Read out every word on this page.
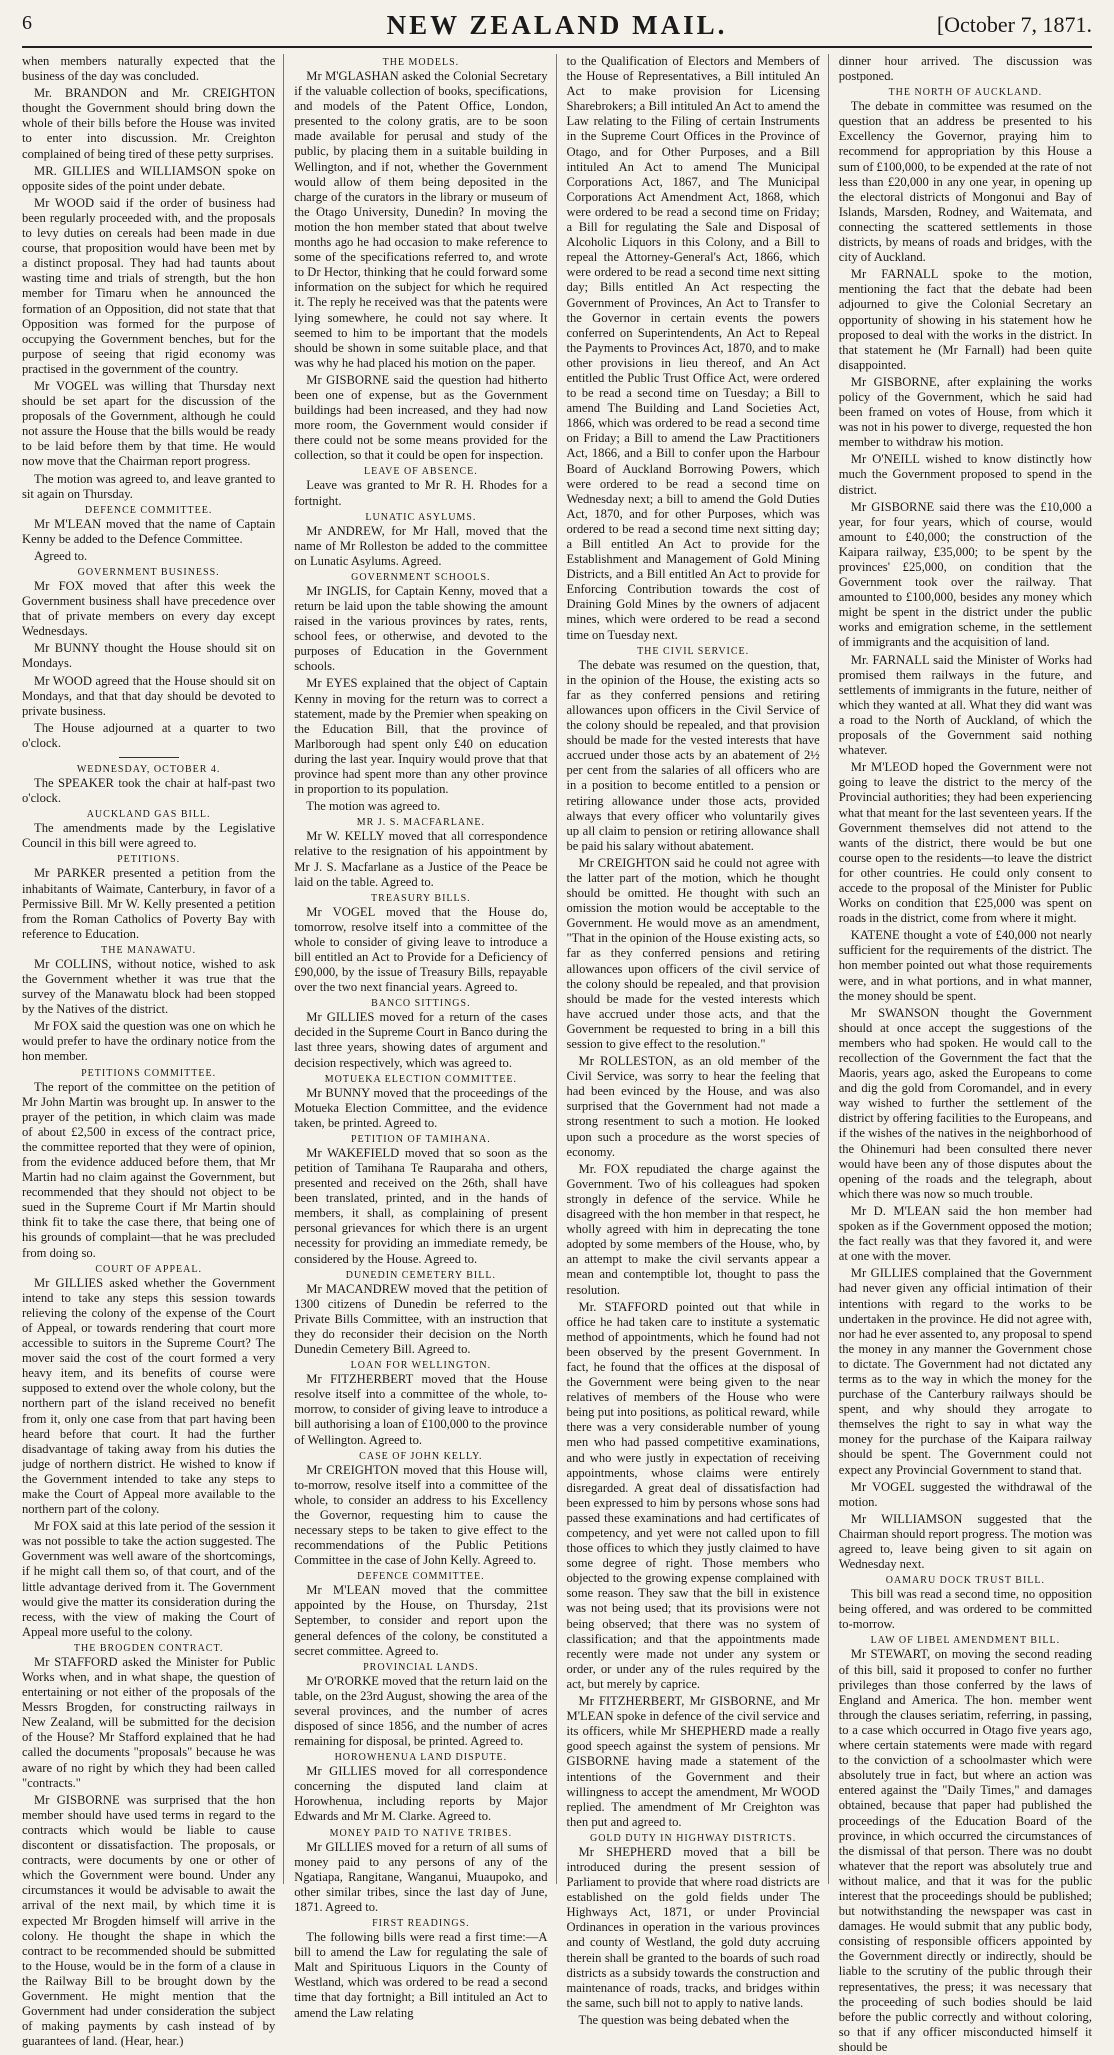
6	NEW ZEALAND MAIL.	[October 7, 1871.

when members naturally expected that the business of the day was concluded.

Mr. BRANDON and Mr. CREIGHTON thought the Government should bring down the whole of their bills before the House was invited to enter into discussion. Mr. Creighton complained of being tired of these petty surprises.

MR. GILLIES and WILLIAMSON spoke on opposite sides of the point under debate.

Mr WOOD said if the order of business had been regularly proceeded with, and the proposals to levy duties on cereals had been made in due course, that proposition would have been met by a distinct proposal. They had had taunts about wasting time and trials of strength, but the hon member for Timaru when he announced the formation of an Opposition, did not state that that Opposition was formed for the purpose of occupying the Government benches, but for the purpose of seeing that rigid economy was practised in the government of the country.

Mr VOGEL was willing that Thursday next should be set apart for the discussion of the proposals of the Government, although he could not assure the House that the bills would be ready to be laid before them by that time. He would now move that the Chairman report progress.

The motion was agreed to, and leave granted to sit again on Thursday.

DEFENCE COMMITTEE.

Mr M'LEAN moved that the name of Captain Kenny be added to the Defence Committee.

Agreed to.

GOVERNMENT BUSINESS.

Mr FOX moved that after this week the Government business shall have precedence over that of private members on every day except Wednesdays.

Mr BUNNY thought the House should sit on Mondays.

Mr WOOD agreed that the House should sit on Mondays, and that that day should be devoted to private business.

The House adjourned at a quarter to two o'clock.

WEDNESDAY, OCTOBER 4.

The SPEAKER took the chair at half-past two o'clock.

AUCKLAND GAS BILL.

The amendments made by the Legislative Council in this bill were agreed to.

PETITIONS.

Mr PARKER presented a petition from the inhabitants of Waimate, Canterbury, in favor of a Permissive Bill. Mr W. Kelly presented a petition from the Roman Catholics of Poverty Bay with reference to Education.

THE MANAWATU.

Mr COLLINS, without notice, wished to ask the Government whether it was true that the survey of the Manawatu block had been stopped by the Natives of the district.

Mr FOX said the question was one on which he would prefer to have the ordinary notice from the hon member.

PETITIONS COMMITTEE.

The report of the committee on the petition of Mr John Martin was brought up. In answer to the prayer of the petition, in which claim was made of about £2,500 in excess of the contract price, the committee reported that they were of opinion, from the evidence adduced before them, that Mr Martin had no claim against the Government, but recommended that they should not object to be sued in the Supreme Court if Mr Martin should think fit to take the case there, that being one of his grounds of complaint—that he was precluded from doing so.

COURT OF APPEAL.

Mr GILLIES asked whether the Government intend to take any steps this session towards relieving the colony of the expense of the Court of Appeal, or towards rendering that court more accessible to suitors in the Supreme Court? The mover said the cost of the court formed a very heavy item, and its benefits of course were supposed to extend over the whole colony, but the northern part of the island received no benefit from it, only one case from that part having been heard before that court. It had the further disadvantage of taking away from his duties the judge of northern district. He wished to know if the Government intended to take any steps to make the Court of Appeal more available to the northern part of the colony.

Mr FOX said at this late period of the session it was not possible to take the action suggested. The Government was well aware of the shortcomings, if he might call them so, of that court, and of the little advantage derived from it. The Government would give the matter its consideration during the recess, with the view of making the Court of Appeal more useful to the colony.

THE BROGDEN CONTRACT.

Mr STAFFORD asked the Minister for Public Works when, and in what shape, the question of entertaining or not either of the proposals of the Messrs Brogden, for constructing railways in New Zealand, will be submitted for the decision of the House? Mr Stafford explained that he had called the documents "proposals" because he was aware of no right by which they had been called "contracts."

Mr GISBORNE was surprised that the hon member should have used terms in regard to the contracts which would be liable to cause discontent or dissatisfaction. The proposals, or contracts, were documents by one or other of which the Government were bound. Under any circumstances it would be advisable to await the arrival of the next mail, by which time it is expected Mr Brogden himself will arrive in the colony. He thought the shape in which the contract to be recommended should be submitted to the House, would be in the form of a clause in the Railway Bill to be brought down by the Government. He might mention that the Government had under consideration the subject of making payments by cash instead of by guarantees of land. (Hear, hear.)

THE MODELS.

Mr M'GLASHAN asked the Colonial Secretary if the valuable collection of books, specifications, and models of the Patent Office, London, presented to the colony gratis, are to be soon made available for perusal and study of the public, by placing them in a suitable building in Wellington, and if not, whether the Government would allow of them being deposited in the charge of the curators in the library or museum of the Otago University, Dunedin? In moving the motion the hon member stated that about twelve months ago he had occasion to make reference to some of the specifications referred to, and wrote to Dr Hector, thinking that he could forward some information on the subject for which he required it. The reply he received was that the patents were lying somewhere, he could not say where. It seemed to him to be important that the models should be shown in some suitable place, and that was why he had placed his motion on the paper.

Mr GISBORNE said the question had hitherto been one of expense, but as the Government buildings had been increased, and they had now more room, the Government would consider if there could not be some means provided for the collection, so that it could be open for inspection.

LEAVE OF ABSENCE.

Leave was granted to Mr R. H. Rhodes for a fortnight.

LUNATIC ASYLUMS.

Mr ANDREW, for Mr Hall, moved that the name of Mr Rolleston be added to the committee on Lunatic Asylums. Agreed.

GOVERNMENT SCHOOLS.

Mr INGLIS, for Captain Kenny, moved that a return be laid upon the table showing the amount raised in the various provinces by rates, rents, school fees, or otherwise, and devoted to the purposes of Education in the Government schools.

Mr EYES explained that the object of Captain Kenny in moving for the return was to correct a statement, made by the Premier when speaking on the Education Bill, that the province of Marlborough had spent only £40 on education during the last year. Inquiry would prove that that province had spent more than any other province in proportion to its population.

The motion was agreed to.

MR J. S. MACFARLANE.

Mr W. KELLY moved that all correspondence relative to the resignation of his appointment by Mr J. S. Macfarlane as a Justice of the Peace be laid on the table. Agreed to.

TREASURY BILLS.

Mr VOGEL moved that the House do, tomorrow, resolve itself into a committee of the whole to consider of giving leave to introduce a bill entitled an Act to Provide for a Deficiency of £90,000, by the issue of Treasury Bills, repayable over the two next financial years. Agreed to.

BANCO SITTINGS.

Mr GILLIES moved for a return of the cases decided in the Supreme Court in Banco during the last three years, showing dates of argument and decision respectively, which was agreed to.

MOTUEKA ELECTION COMMITTEE.

Mr BUNNY moved that the proceedings of the Motueka Election Committee, and the evidence taken, be printed. Agreed to.

PETITION OF TAMIHANA.

Mr WAKEFIELD moved that so soon as the petition of Tamihana Te Rauparaha and others, presented and received on the 26th, shall have been translated, printed, and in the hands of members, it shall, as complaining of present personal grievances for which there is an urgent necessity for providing an immediate remedy, be considered by the House. Agreed to.

DUNEDIN CEMETERY BILL.

Mr MACANDREW moved that the petition of 1300 citizens of Dunedin be referred to the Private Bills Committee, with an instruction that they do reconsider their decision on the North Dunedin Cemetery Bill. Agreed to.

LOAN FOR WELLINGTON.

Mr FITZHERBERT moved that the House resolve itself into a committee of the whole, to-morrow, to consider of giving leave to introduce a bill authorising a loan of £100,000 to the province of Wellington. Agreed to.

CASE OF JOHN KELLY.

Mr CREIGHTON moved that this House will, to-morrow, resolve itself into a committee of the whole, to consider an address to his Excellency the Governor, requesting him to cause the necessary steps to be taken to give effect to the recommendations of the Public Petitions Committee in the case of John Kelly. Agreed to.

DEFENCE COMMITTEE.

Mr M'LEAN moved that the committee appointed by the House, on Thursday, 21st September, to consider and report upon the general defences of the colony, be constituted a secret committee. Agreed to.

PROVINCIAL LANDS.

Mr O'RORKE moved that the return laid on the table, on the 23rd August, showing the area of the several provinces, and the number of acres disposed of since 1856, and the number of acres remaining for disposal, be printed. Agreed to.

HOROWHENUA LAND DISPUTE.

Mr GILLIES moved for all correspondence concerning the disputed land claim at Horowhenua, including reports by Major Edwards and Mr M. Clarke. Agreed to.

MONEY PAID TO NATIVE TRIBES.

Mr GILLIES moved for a return of all sums of money paid to any persons of any of the Ngatiapa, Rangitane, Wanganui, Muaupoko, and other similar tribes, since the last day of June, 1871. Agreed to.

FIRST READINGS.

The following bills were read a first time:—A bill to amend the Law for regulating the sale of Malt and Spirituous Liquors in the County of Westland, which was ordered to be read a second time that day fortnight; a Bill intituled an Act to amend the Law relating

to the Qualification of Electors and Members of the House of Representatives, a Bill intituled An Act to make provision for Licensing Sharebrokers; a Bill intituled An Act to amend the Law relating to the Filing of certain Instruments in the Supreme Court Offices in the Province of Otago, and for Other Purposes, and a Bill intituled An Act to amend The Municipal Corporations Act, 1867, and The Municipal Corporations Act Amendment Act, 1868, which were ordered to be read a second time on Friday; a Bill for regulating the Sale and Disposal of Alcoholic Liquors in this Colony, and a Bill to repeal the Attorney-General's Act, 1866, which were ordered to be read a second time next sitting day; Bills entitled An Act respecting the Government of Provinces, An Act to Transfer to the Governor in certain events the powers conferred on Superintendents, An Act to Repeal the Payments to Provinces Act, 1870, and to make other provisions in lieu thereof, and An Act entitled the Public Trust Office Act, were ordered to be read a second time on Tuesday; a Bill to amend The Building and Land Societies Act, 1866, which was ordered to be read a second time on Friday; a Bill to amend the Law Practitioners Act, 1866, and a Bill to confer upon the Harbour Board of Auckland Borrowing Powers, which were ordered to be read a second time on Wednesday next; a bill to amend the Gold Duties Act, 1870, and for other Purposes, which was ordered to be read a second time next sitting day; a Bill entitled An Act to provide for the Establishment and Management of Gold Mining Districts, and a Bill entitled An Act to provide for Enforcing Contribution towards the cost of Draining Gold Mines by the owners of adjacent mines, which were ordered to be read a second time on Tuesday next.

THE CIVIL SERVICE.

The debate was resumed on the question, that, in the opinion of the House, the existing acts so far as they conferred pensions and retiring allowances upon officers in the Civil Service of the colony should be repealed, and that provision should be made for the vested interests that have accrued under those acts by an abatement of 2½ per cent from the salaries of all officers who are in a position to become entitled to a pension or retiring allowance under those acts, provided always that every officer who voluntarily gives up all claim to pension or retiring allowance shall be paid his salary without abatement.

Mr CREIGHTON said he could not agree with the latter part of the motion, which he thought should be omitted. He thought with such an omission the motion would be acceptable to the Government. He would move as an amendment, "That in the opinion of the House existing acts, so far as they conferred pensions and retiring allowances upon officers of the civil service of the colony should be repealed, and that provision should be made for the vested interests which have accrued under those acts, and that the Government be requested to bring in a bill this session to give effect to the resolution."

Mr ROLLESTON, as an old member of the Civil Service, was sorry to hear the feeling that had been evinced by the House, and was also surprised that the Government had not made a strong resentment to such a motion. He looked upon such a procedure as the worst species of economy.

Mr. FOX repudiated the charge against the Government. Two of his colleagues had spoken strongly in defence of the service. While he disagreed with the hon member in that respect, he wholly agreed with him in deprecating the tone adopted by some members of the House, who, by an attempt to make the civil servants appear a mean and contemptible lot, thought to pass the resolution.

Mr. STAFFORD pointed out that while in office he had taken care to institute a systematic method of appointments, which he found had not been observed by the present Government. In fact, he found that the offices at the disposal of the Government were being given to the near relatives of members of the House who were being put into positions, as political reward, while there was a very considerable number of young men who had passed competitive examinations, and who were justly in expectation of receiving appointments, whose claims were entirely disregarded. A great deal of dissatisfaction had been expressed to him by persons whose sons had passed these examinations and had certificates of competency, and yet were not called upon to fill those offices to which they justly claimed to have some degree of right. Those members who objected to the growing expense complained with some reason. They saw that the bill in existence was not being used; that its provisions were not being observed; that there was no system of classification; and that the appointments made recently were made not under any system or order, or under any of the rules required by the act, but merely by caprice.

Mr FITZHERBERT, Mr GISBORNE, and Mr M'LEAN spoke in defence of the civil service and its officers, while Mr SHEPHERD made a really good speech against the system of pensions. Mr GISBORNE having made a statement of the intentions of the Government and their willingness to accept the amendment, Mr WOOD replied. The amendment of Mr Creighton was then put and agreed to.

GOLD DUTY IN HIGHWAY DISTRICTS.

Mr SHEPHERD moved that a bill be introduced during the present session of Parliament to provide that where road districts are established on the gold fields under The Highways Act, 1871, or under Provincial Ordinances in operation in the various provinces and county of Westland, the gold duty accruing therein shall be granted to the boards of such road districts as a subsidy towards the construction and maintenance of roads, tracks, and bridges within the same, such bill not to apply to native lands.

The question was being debated when the

dinner hour arrived. The discussion was postponed.

THE NORTH OF AUCKLAND.

The debate in committee was resumed on the question that an address be presented to his Excellency the Governor, praying him to recommend for appropriation by this House a sum of £100,000, to be expended at the rate of not less than £20,000 in any one year, in opening up the electoral districts of Mongonui and Bay of Islands, Marsden, Rodney, and Waitemata, and connecting the scattered settlements in those districts, by means of roads and bridges, with the city of Auckland.

Mr FARNALL spoke to the motion, mentioning the fact that the debate had been adjourned to give the Colonial Secretary an opportunity of showing in his statement how he proposed to deal with the works in the district. In that statement he (Mr Farnall) had been quite disappointed.

Mr GISBORNE, after explaining the works policy of the Government, which he said had been framed on votes of House, from which it was not in his power to diverge, requested the hon member to withdraw his motion.

Mr O'NEILL wished to know distinctly how much the Government proposed to spend in the district.

Mr GISBORNE said there was the £10,000 a year, for four years, which of course, would amount to £40,000; the construction of the Kaipara railway, £35,000; to be spent by the provinces' £25,000, on condition that the Government took over the railway. That amounted to £100,000, besides any money which might be spent in the district under the public works and emigration scheme, in the settlement of immigrants and the acquisition of land.

Mr. FARNALL said the Minister of Works had promised them railways in the future, and settlements of immigrants in the future, neither of which they wanted at all. What they did want was a road to the North of Auckland, of which the proposals of the Government said nothing whatever.

Mr M'LEOD hoped the Government were not going to leave the district to the mercy of the Provincial authorities; they had been experiencing what that meant for the last seventeen years. If the Government themselves did not attend to the wants of the district, there would be but one course open to the residents—to leave the district for other countries. He could only consent to accede to the proposal of the Minister for Public Works on condition that £25,000 was spent on roads in the district, come from where it might.

KATENE thought a vote of £40,000 not nearly sufficient for the requirements of the district. The hon member pointed out what those requirements were, and in what portions, and in what manner, the money should be spent.

Mr SWANSON thought the Government should at once accept the suggestions of the members who had spoken. He would call to the recollection of the Government the fact that the Maoris, years ago, asked the Europeans to come and dig the gold from Coromandel, and in every way wished to further the settlement of the district by offering facilities to the Europeans, and if the wishes of the natives in the neighborhood of the Ohinemuri had been consulted there never would have been any of those disputes about the opening of the roads and the telegraph, about which there was now so much trouble.

Mr D. M'LEAN said the hon member had spoken as if the Government opposed the motion; the fact really was that they favored it, and were at one with the mover.

Mr GILLIES complained that the Government had never given any official intimation of their intentions with regard to the works to be undertaken in the province. He did not agree with, nor had he ever assented to, any proposal to spend the money in any manner the Government chose to dictate. The Government had not dictated any terms as to the way in which the money for the purchase of the Canterbury railways should be spent, and why should they arrogate to themselves the right to say in what way the money for the purchase of the Kaipara railway should be spent. The Government could not expect any Provincial Government to stand that.

Mr VOGEL suggested the withdrawal of the motion.

Mr WILLIAMSON suggested that the Chairman should report progress. The motion was agreed to, leave being given to sit again on Wednesday next.

OAMARU DOCK TRUST BILL.

This bill was read a second time, no opposition being offered, and was ordered to be committed to-morrow.

LAW OF LIBEL AMENDMENT BILL.

Mr STEWART, on moving the second reading of this bill, said it proposed to confer no further privileges than those conferred by the laws of England and America. The hon. member went through the clauses seriatim, referring, in passing, to a case which occurred in Otago five years ago, where certain statements were made with regard to the conviction of a schoolmaster which were absolutely true in fact, but where an action was entered against the "Daily Times," and damages obtained, because that paper had published the proceedings of the Education Board of the province, in which occurred the circumstances of the dismissal of that person. There was no doubt whatever that the report was absolutely true and without malice, and that it was for the public interest that the proceedings should be published; but notwithstanding the newspaper was cast in damages. He would submit that any public body, consisting of responsible officers appointed by the Government directly or indirectly, should be liable to the scrutiny of the public through their representatives, the press; it was necessary that the proceeding of such bodies should be laid before the public correctly and without coloring, so that if any officer misconducted himself it should be
